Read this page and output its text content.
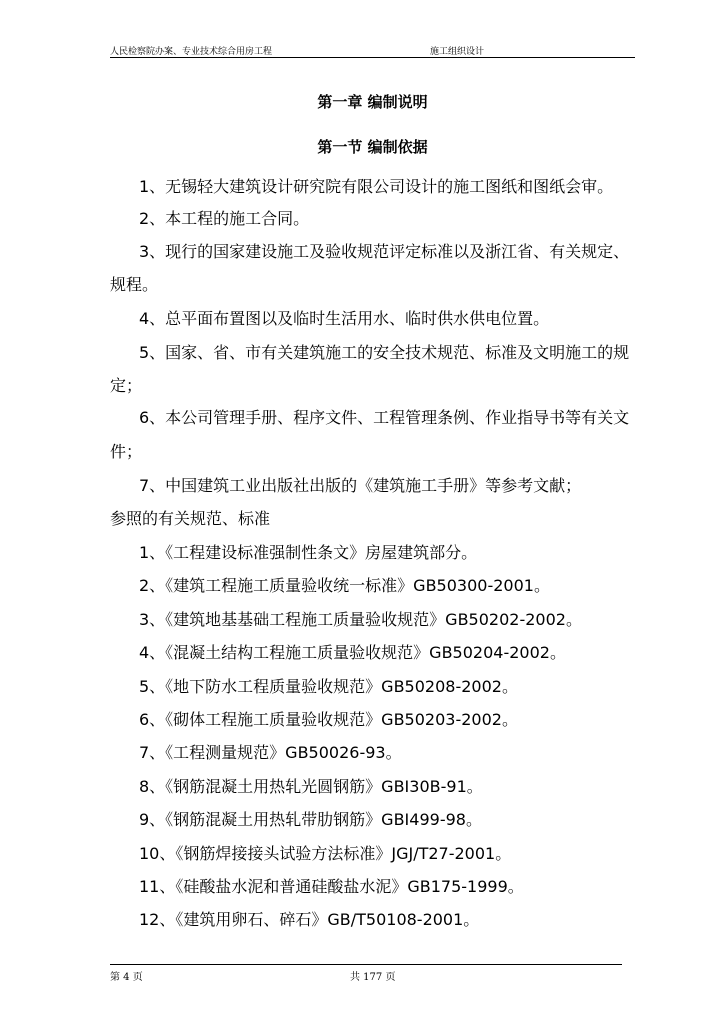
人民检察院办案、专业技术综合用房工程	施工组织设计
第一章 编制说明
第一节 编制依据
1、无锡轻大建筑设计研究院有限公司设计的施工图纸和图纸会审。
2、本工程的施工合同。
3、现行的国家建设施工及验收规范评定标准以及浙江省、有关规定、
规程。
4、总平面布置图以及临时生活用水、临时供水供电位置。
5、国家、省、市有关建筑施工的安全技术规范、标准及文明施工的规
定；
6、本公司管理手册、程序文件、工程管理条例、作业指导书等有关文
件；
7、中国建筑工业出版社出版的《建筑施工手册》等参考文献；
参照的有关规范、标准
1、《工程建设标准强制性条文》房屋建筑部分。
2、《建筑工程施工质量验收统一标准》GB50300-2001。
3、《建筑地基基础工程施工质量验收规范》GB50202-2002。
4、《混凝土结构工程施工质量验收规范》GB50204-2002。
5、《地下防水工程质量验收规范》GB50208-2002。
6、《砌体工程施工质量验收规范》GB50203-2002。
7、《工程测量规范》GB50026-93。
8、《钢筋混凝土用热轧光圆钢筋》GBI30B-91。
9、《钢筋混凝土用热轧带肋钢筋》GBI499-98。
10、《钢筋焊接接头试验方法标准》JGJ/T27-2001。
11、《硅酸盐水泥和普通硅酸盐水泥》GB175-1999。
12、《建筑用卵石、碎石》GB/T50108-2001。
第 4 页	共 177 页
